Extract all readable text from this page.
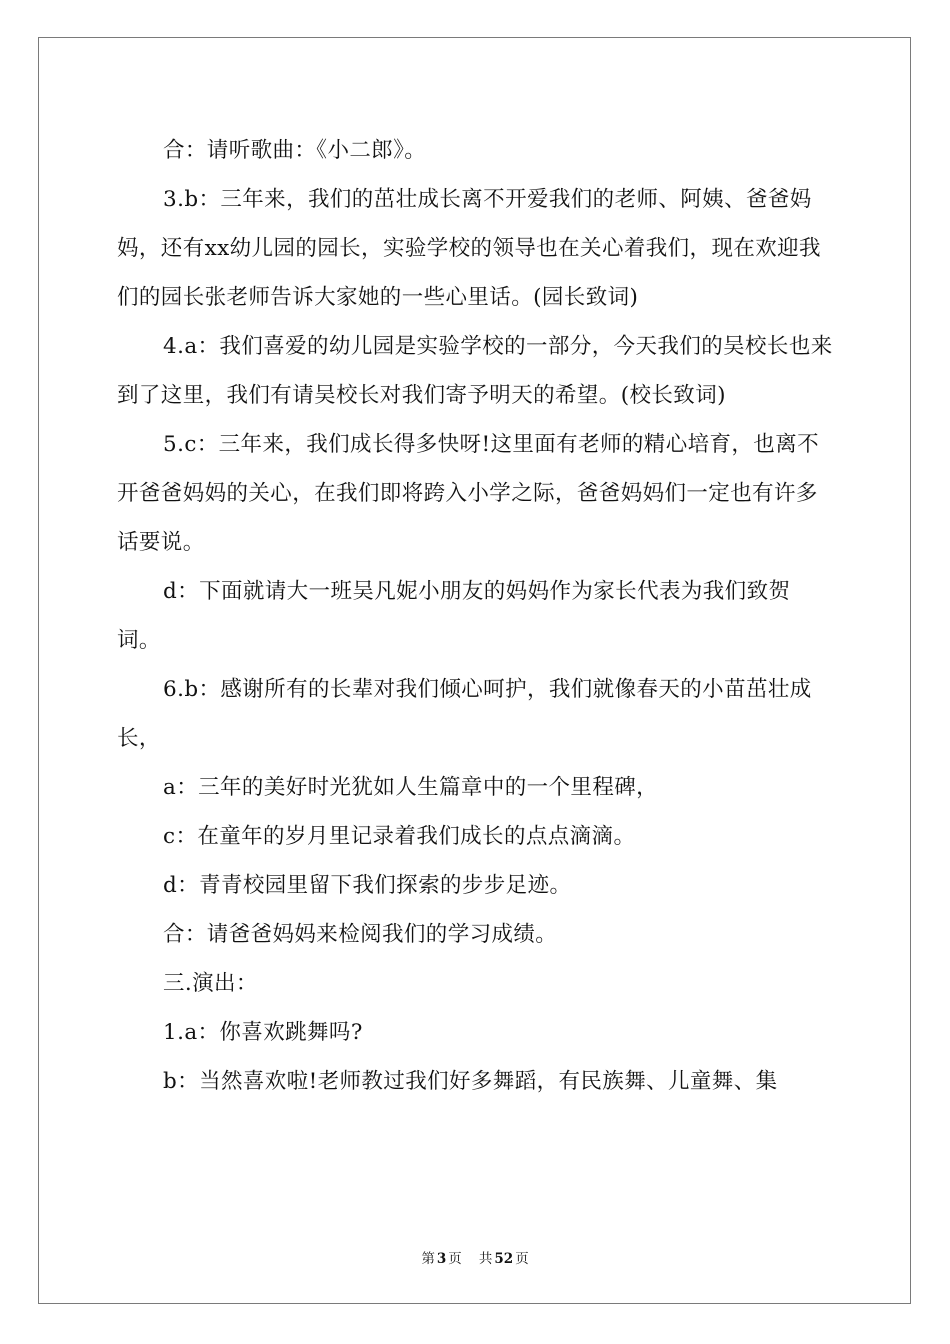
合：请听歌曲：《小二郎》。

3.b：三年来，我们的茁壮成长离不开爱我们的老师、阿姨、爸爸妈妈，还有xx幼儿园的园长，实验学校的领导也在关心着我们，现在欢迎我们的园长张老师告诉大家她的一些心里话。(园长致词)

4.a：我们喜爱的幼儿园是实验学校的一部分，今天我们的吴校长也来到了这里，我们有请吴校长对我们寄予明天的希望。(校长致词)

5.c：三年来，我们成长得多快呀!这里面有老师的精心培育，也离不开爸爸妈妈的关心，在我们即将跨入小学之际，爸爸妈妈们一定也有许多话要说。

d：下面就请大一班吴凡妮小朋友的妈妈作为家长代表为我们致贺词。

6.b：感谢所有的长辈对我们倾心呵护，我们就像春天的小苗茁壮成长，

a：三年的美好时光犹如人生篇章中的一个里程碑，

c：在童年的岁月里记录着我们成长的点点滴滴。

d：青青校园里留下我们探索的步步足迹。

合：请爸爸妈妈来检阅我们的学习成绩。

三.演出：

1.a：你喜欢跳舞吗?

b：当然喜欢啦!老师教过我们好多舞蹈，有民族舞、儿童舞、集

第 3 页 共 52 页
